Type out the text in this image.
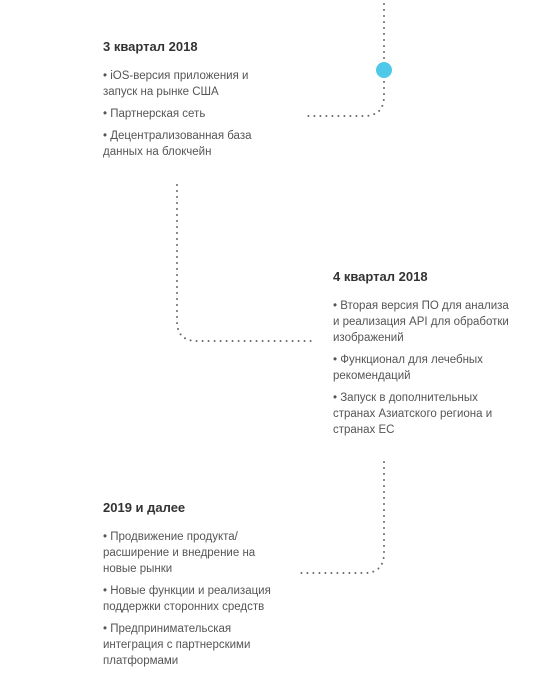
3 квартал 2018
• iOS-версия приложения и запуск на рынке США
• Партнерская сеть
• Децентрализованная база данных на блокчейн
4 квартал 2018
• Вторая версия ПО для анализа и реализация API для обработки изображений
• Функционал для лечебных рекомендаций
• Запуск в дополнительных странах Азиатского региона и странах ЕС
2019 и далее
• Продвижение продукта/ расширение и внедрение на новые рынки
• Новые функции и реализация поддержки сторонних средств
• Предпринимательская интеграция с партнерскими платформами
